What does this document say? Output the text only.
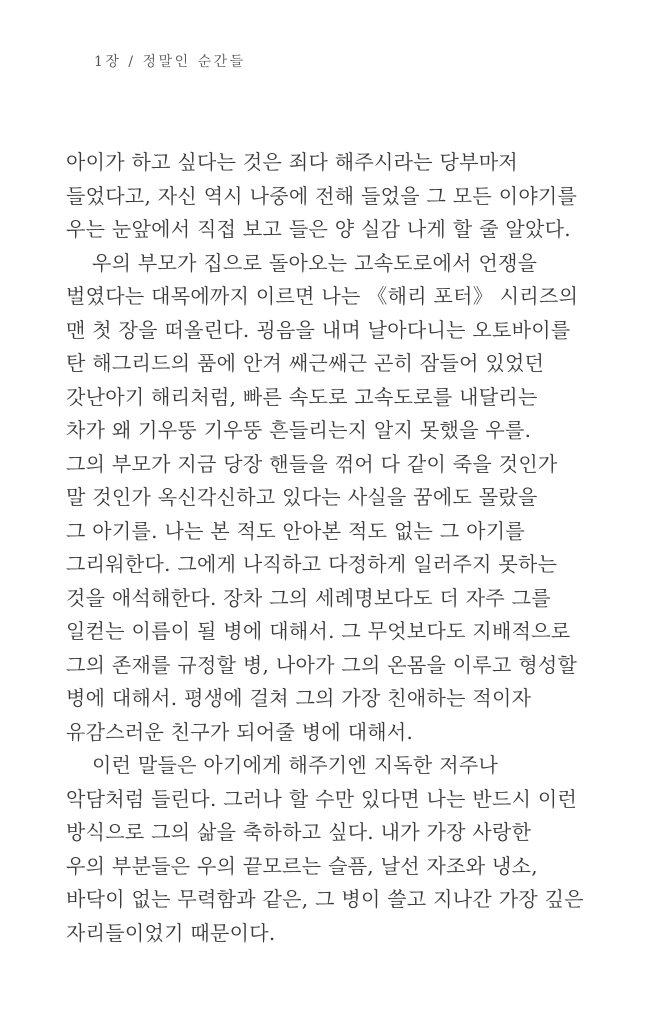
1장 / 정말인 순간들
아이가 하고 싶다는 것은 죄다 해주시라는 당부마저
들었다고, 자신 역시 나중에 전해 들었을 그 모든 이야기를
우는 눈앞에서 직접 보고 들은 양 실감 나게 할 줄 알았다.
우의 부모가 집으로 돌아오는 고속도로에서 언쟁을
벌였다는 대목에까지 이르면 나는 《해리 포터》 시리즈의
맨 첫 장을 떠올린다. 굉음을 내며 날아다니는 오토바이를
탄 해그리드의 품에 안겨 쌔근쌔근 곤히 잠들어 있었던
갓난아기 해리처럼, 빠른 속도로 고속도로를 내달리는
차가 왜 기우뚱 기우뚱 흔들리는지 알지 못했을 우를.
그의 부모가 지금 당장 핸들을 꺾어 다 같이 죽을 것인가
말 것인가 옥신각신하고 있다는 사실을 꿈에도 몰랐을
그 아기를. 나는 본 적도 안아본 적도 없는 그 아기를
그리워한다. 그에게 나직하고 다정하게 일러주지 못하는
것을 애석해한다. 장차 그의 세례명보다도 더 자주 그를
일컫는 이름이 될 병에 대해서. 그 무엇보다도 지배적으로
그의 존재를 규정할 병, 나아가 그의 온몸을 이루고 형성할
병에 대해서. 평생에 걸쳐 그의 가장 친애하는 적이자
유감스러운 친구가 되어줄 병에 대해서.
이런 말들은 아기에게 해주기엔 지독한 저주나
악담처럼 들린다. 그러나 할 수만 있다면 나는 반드시 이런
방식으로 그의 삶을 축하하고 싶다. 내가 가장 사랑한
우의 부분들은 우의 끝모르는 슬픔, 날선 자조와 냉소,
바닥이 없는 무력함과 같은, 그 병이 쓸고 지나간 가장 깊은
자리들이었기 때문이다.
